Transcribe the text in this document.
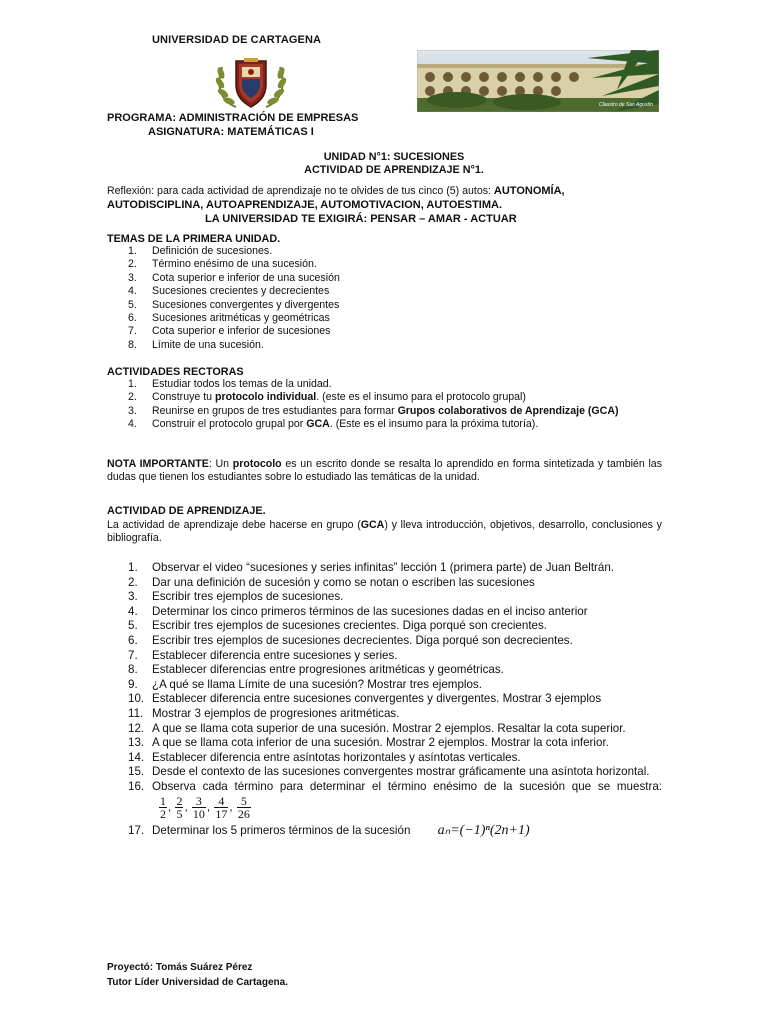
UNIVERSIDAD DE CARTAGENA
Claustro de San Agustín
PROGRAMA: ADMINISTRACIÓN DE EMPRESAS
ASIGNATURA: MATEMÁTICAS I
UNIDAD N°1: SUCESIONES
ACTIVIDAD DE APRENDIZAJE N°1.
Reflexión: para cada actividad de aprendizaje no te olvides de tus cinco (5) autos: AUTONOMÍA,
AUTODISCIPLINA, AUTOAPRENDIZAJE, AUTOMOTIVACION, AUTOESTIMA.
LA UNIVERSIDAD TE EXIGIRÁ: PENSAR – AMAR - ACTUAR
TEMAS DE LA PRIMERA UNIDAD.
1. Definición de sucesiones.
2. Término enésimo de una sucesión.
3. Cota superior e inferior de una sucesión
4. Sucesiones crecientes y decrecientes
5. Sucesiones convergentes y divergentes
6. Sucesiones aritméticas y geométricas
7. Cota superior e inferior de sucesiones
8. Límite de una sucesión.
ACTIVIDADES RECTORAS
1. Estudiar todos los temas de la unidad.
2. Construye tu protocolo individual. (este es el insumo para el protocolo grupal)
3. Reunirse en grupos de tres estudiantes para formar Grupos colaborativos de Aprendizaje (GCA)
4. Construir el protocolo grupal por GCA. (Este es el insumo para la próxima tutoría).
NOTA IMPORTANTE: Un protocolo es un escrito donde se resalta lo aprendido en forma sintetizada y también las dudas que tienen los estudiantes sobre lo estudiado las temáticas de la unidad.
ACTIVIDAD DE APRENDIZAJE.
La actividad de aprendizaje debe hacerse en grupo (GCA) y lleva introducción, objetivos, desarrollo, conclusiones y bibliografía.
1. Observar el video “sucesiones y series infinitas” lección 1 (primera parte) de Juan Beltrán.
2. Dar una definición de sucesión y como se notan o escriben las sucesiones
3. Escribir tres ejemplos de sucesiones.
4. Determinar los cinco primeros términos de las sucesiones dadas en el inciso anterior
5. Escribir tres ejemplos de sucesiones crecientes. Diga porqué son crecientes.
6. Escribir tres ejemplos de sucesiones decrecientes. Diga porqué son decrecientes.
7. Establecer diferencia entre sucesiones y series.
8. Establecer diferencias entre progresiones aritméticas y geométricas.
9. ¿A qué se llama Límite de una sucesión? Mostrar tres ejemplos.
10. Establecer diferencia entre sucesiones convergentes y divergentes. Mostrar 3 ejemplos
11. Mostrar 3 ejemplos de progresiones aritméticas.
12. A que se llama cota superior de una sucesión. Mostrar 2 ejemplos. Resaltar la cota superior.
13. A que se llama cota inferior de una sucesión. Mostrar 2 ejemplos. Mostrar la cota inferior.
14. Establecer diferencia entre asíntotas horizontales y asíntotas verticales.
15. Desde el contexto de las sucesiones convergentes mostrar gráficamente una asíntota horizontal.
16. Observa cada término para determinar el término enésimo de la sucesión que se muestra:
$\frac{1}{2}$ , $\frac{2}{5}$ , $\frac{3}{10}$ , $\frac{4}{17}$ , $\frac{5}{26}$
17. Determinar los 5 primeros términos de la sucesión aₙ=(−1)ⁿ(2n+1)
Proyectó: Tomás Suárez Pérez
Tutor Líder Universidad de Cartagena.
